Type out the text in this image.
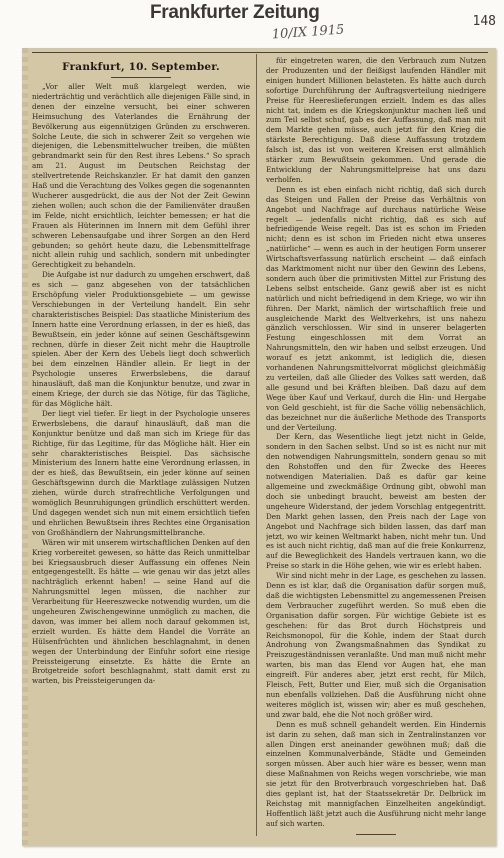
Frankfurter Zeitung
10/IX 1915
148
Frankfurt, 10. September.
„Vor aller Welt muß klargelegt werden, wie niederträchtig und verächtlich alle diejenigen Fälle sind, in denen der einzelne versucht, bei einer schweren Heimsuchung des Vaterlandes die Ernährung der Bevölkerung aus eigennützigen Gründen zu erschweren. Solche Leute, die sich in schwerer Zeit so vergehen wie diejenigen, die Lebensmittelwucher treiben, die müßten gebrandmarkt sein für den Rest ihres Lebens.“ So sprach am 21. August im Deutschen Reichstag der stellvertretende Reichskanzler. Er hat damit den ganzen Haß und die Verachtung des Volkes gegen die sogenannten Wucherer ausgedrückt, die aus der Not der Zeit Gewinn ziehen wollen; auch schon die der Familienväter draußen im Felde, nicht ersichtlich, leichter bemessen; er hat die Frauen als Hüterinnen im Innern mit dem Gefühl ihrer schweren Lebensaufgabe und ihrer Sorgen an den Herd gebunden; so gehört heute dazu, die Lebensmittelfrage nicht allein ruhig und sachlich, sondern mit unbedingter Gerechtigkeit zu behandeln.
Die Aufgabe ist nur dadurch zu umgehen erschwert, daß es sich — ganz abgesehen von der tatsächlichen Erschöpfung vieler Produktionsgebiete — um gewisse Verschiebungen in der Verteilung handelt. Ein sehr charakteristisches Beispiel: Das staatliche Ministerium des Innern hatte eine Verordnung erlassen, in der es hieß, das Bewußtsein, ein jeder könne auf seinen Geschäftsgewinn rechnen, dürfe in dieser Zeit nicht mehr die Hauptrolle spielen. Aber der Kern des Uebels liegt doch schwerlich bei dem einzelnen Händler allein. Er liegt in der Psychologie unseres Erwerbslebens, die darauf hinausläuft, daß man die Konjunktur benutze, und zwar in einem Kriege, der durch sie das Nötige, für das Tägliche, für das Mögliche hält.
Der liegt viel tiefer. Er liegt in der Psychologie unseres Erwerbslebens, die darauf hinausläuft, daß man die Konjunktur benütze und daß man sich im Kriege für das Richtige, für das Legitime, für das Mögliche hält. Hier ein sehr charakteristisches Beispiel. Das sächsische Ministerium des Innern hatte eine Verordnung erlassen, in der es hieß, das Bewußtsein, ein jeder könne auf seinen Geschäftsgewinn durch die Marktlage zulässigen Nutzen ziehen, würde durch strafrechtliche Verfolgungen und womöglich Beunruhigungen gründlich erschüttert werden. Und dagegen wendet sich nun mit einem ersichtlich tiefen und ehrlichen Bewußtsein ihres Rechtes eine Organisation von Großhändlern der Nahrungsmittelbranche.
Wären wir mit unserem wirtschaftlichen Denken auf den Krieg vorbereitet gewesen, so hätte das Reich unmittelbar bei Kriegsausbruch dieser Auffassung ein offenes Nein entgegengestellt. Es hätte — wie genau wir das jetzt alles nachträglich erkennt haben! — seine Hand auf die Nahrungsmittel legen müssen, die nachher zur Verarbeitung für Heereszwecke notwendig wurden, um die ungeheuren Zwischengewinne unmöglich zu machen, die davon, was immer bei allem noch darauf gekommen ist, erzielt wurden. Es hätte dem Handel die Vorräte an Hülsenfrüchten und ähnlichen beschlagnahmt, in denen wegen der Unterbindung der Einfuhr sofort eine riesige Preissteigerung einsetzte. Es hätte die Ernte an Brotgetreide sofort beschlagnahmt, statt damit erst zu warten, bis Preissteigerungen da-
für eingetreten waren, die den Verbrauch zum Nutzen der Produzenten und der fleißigst laufenden Händler mit einigen hundert Millionen belasteten. Es hätte auch durch sofortige Durchführung der Auftragsverteilung niedrigere Preise für Heereslieferungen erzielt. Indem es das alles nicht tat, indem es die Kriegskonjunktur machen ließ und zum Teil selbst schuf, gab es der Auffassung, daß man mit dem Markte gehen müsse, auch jetzt für den Krieg die stärkste Berechtigung. Daß diese Auffassung trotzdem falsch ist, das ist von weiteren Kreisen erst allmählich stärker zum Bewußtsein gekommen. Und gerade die Entwicklung der Nahrungsmittelpreise hat uns dazu verholfen.
Denn es ist eben einfach nicht richtig, daß sich durch das Steigen und Fallen der Preise das Verhältnis von Angebot und Nachfrage auf durchaus natürliche Weise regelt — jedenfalls nicht richtig, daß es sich auf befriedigende Weise regelt. Das ist es schon im Frieden nicht; denn es ist schon im Frieden nicht etwa unseres „natürliche“ — wenn es auch in der heutigen Form unserer Wirtschaftsverfassung natürlich erscheint — daß einfach das Marktmoment nicht nur über den Gewinn des Lebens, sondern auch über die primitivsten Mittel zur Fristung des Lebens selbst entscheide. Ganz gewiß aber ist es nicht natürlich und nicht befriedigend in dem Kriege, wo wir ihn führen. Der Markt, nämlich der wirtschaftlich freie und ausgleichende Markt des Weltverkehrs, ist uns nahezu gänzlich verschlossen. Wir sind in unserer belagerten Festung eingeschlossen mit dem Vorrat an Nahrungsmitteln, den wir haben und selbst erzeugen. Und worauf es jetzt ankommt, ist lediglich die, diesen vorhandenen Nahrungsmittelvorrat möglichst gleichmäßig zu verteilen, daß alle Glieder des Volkes satt werden, daß alle gesund und bei Kräften bleiben. Daß dazu auf dem Wege über Kauf und Verkauf, durch die Hin- und Hergabe von Geld geschieht, ist für die Sache völlig nebensächlich, das bezeichnet nur die äußerliche Methode des Transports und der Verteilung.
Der Kern, das Wesentliche liegt jetzt nicht in Gelde, sondern in den Sachen selbst. Und so ist es nicht nur mit den notwendigen Nahrungsmitteln, sondern genau so mit den Rohstoffen und den für Zwecke des Heeres notwendigen Materialien. Daß es dafür gar keine allgemeine und zweckmäßige Ordnung gibt, obwohl man doch sie unbedingt braucht, beweist am besten der ungeheure Widerstand, der jedem Vorschlag entgegentritt. Den Markt gehen lassen, den Preis nach der Lage von Angebot und Nachfrage sich bilden lassen, das darf man jetzt, wo wir keinen Weltmarkt haben, nicht mehr tun. Und es ist auch nicht richtig, daß man auf die freie Konkurrenz, auf die Beweglichkeit des Handels vertrauen kann, wo die Preise so stark in die Höhe gehen, wie wir es erlebt haben.
Wir sind nicht mehr in der Lage, es geschehen zu lassen. Denn es ist klar, daß die Organisation dafür sorgen muß, daß die wichtigsten Lebensmittel zu angemessenen Preisen dem Verbraucher zugeführt werden. So muß eben die Organisation dafür sorgen. Für wichtige Gebiete ist es geschehen: für das Brot durch Höchstpreis und Reichsmonopol, für die Kohle, indem der Staat durch Androhung von Zwangsmaßnahmen das Syndikat zu Preiszugeständnissen veranlaßte. Und man muß nicht mehr warten, bis man das Elend vor Augen hat, ehe man eingreift. Für anderes aber, jetzt erst recht, für Milch, Fleisch, Fett, Butter und Eier, muß sich die Organisation nun ebenfalls vollziehen. Daß die Ausführung nicht ohne weiteres möglich ist, wissen wir; aber es muß geschehen, und zwar bald, ehe die Not noch größer wird.
Denn es muß schnell gehandelt werden. Ein Hindernis ist darin zu sehen, daß man sich in Zentralinstanzen vor allen Dingen erst aneinander gewöhnen muß; daß die einzelnen Kommunalverbände, Städte und Gemeinden sorgen müssen. Aber auch hier wäre es besser, wenn man diese Maßnahmen von Reichs wegen vorschriebe, wie man sie jetzt für den Brotverbrauch vorgeschrieben hat. Daß dies geplant ist, hat der Staatssekretär Dr. Delbrück im Reichstag mit mannigfachen Einzelheiten angekündigt. Hoffentlich läßt jetzt auch die Ausführung nicht mehr lange auf sich warten.
